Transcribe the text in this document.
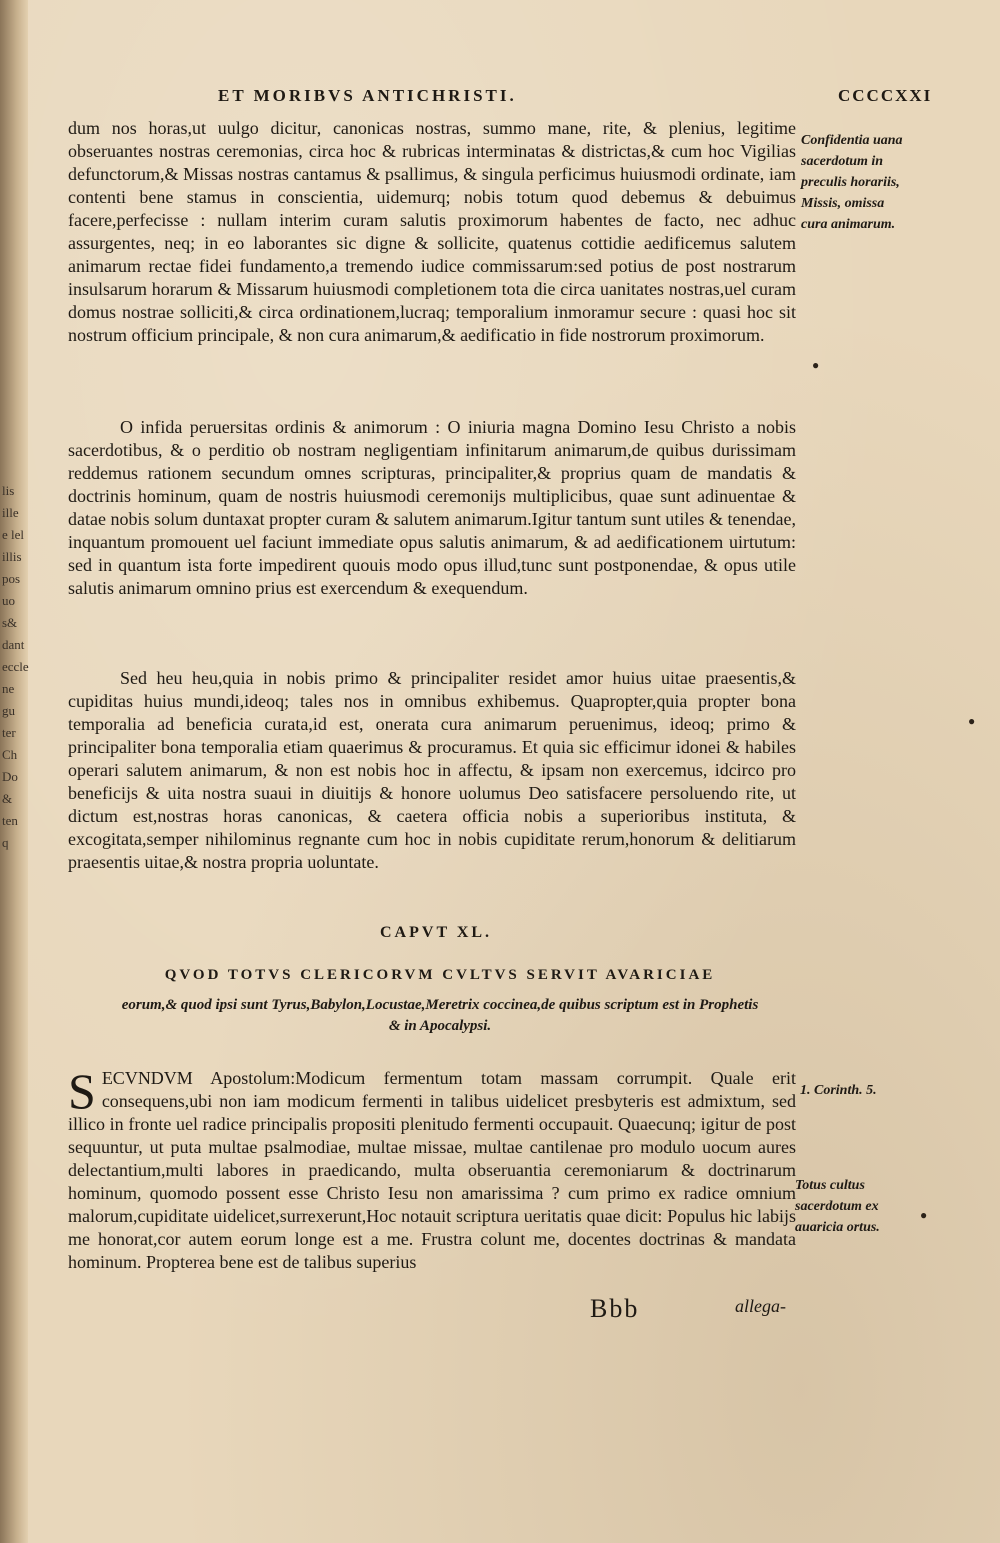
lis
ille
e lel
illis
pos
uo
s&
dant
eccle
ne
gu
ter
Ch
Do
&
ten
q
ET MORIBVS ANTICHRISTI.	CCCCXXI

dum nos horas,ut uulgo dicitur, canonicas nostras, summo mane, rite, & plenius, legitime obseruantes nostras ceremonias, circa hoc & rubricas interminatas & districtas,& cum hoc Vigilias defunctorum,& Missas nostras cantamus & psallimus, & singula perficimus huiusmodi ordinate, iam contenti bene stamus in conscientia, uidemurq; nobis totum quod debemus & debuimus facere,perfecisse : nullam interim curam salutis proximorum habentes de facto, nec adhuc assurgentes, neq; in eo laborantes sic digne & sollicite, quatenus cottidie aedificemus salutem animarum rectae fidei fundamento,a tremendo iudice commissarum:sed potius de post nostrarum insulsarum horarum & Missarum huiusmodi completionem tota die circa uanitates nostras,uel curam domus nostrae solliciti,& circa ordinationem,lucraq; temporalium inmoramur secure : quasi hoc sit nostrum officium principale, & non cura animarum,& aedificatio in fide nostrorum proximorum.

O infida peruersitas ordinis & animorum : O iniuria magna Domino Iesu Christo a nobis sacerdotibus, & o perditio ob nostram negligentiam infinitarum animarum,de quibus durissimam reddemus rationem secundum omnes scripturas, principaliter,& proprius quam de mandatis & doctrinis hominum, quam de nostris huiusmodi ceremonijs multiplicibus, quae sunt adinuentae & datae nobis solum duntaxat propter curam & salutem animarum.Igitur tantum sunt utiles & tenendae, inquantum promouent uel faciunt immediate opus salutis animarum, & ad aedificationem uirtutum: sed in quantum ista forte impedirent quouis modo opus illud,tunc sunt postponendae, & opus utile salutis animarum omnino prius est exercendum & exequendum.

Sed heu heu,quia in nobis primo & principaliter residet amor huius uitae praesentis,& cupiditas huius mundi,ideoq; tales nos in omnibus exhibemus. Quapropter,quia propter bona temporalia ad beneficia curata,id est, onerata cura animarum peruenimus, ideoq; primo & principaliter bona temporalia etiam quaerimus & procuramus. Et quia sic efficimur idonei & habiles operari salutem animarum, & non est nobis hoc in affectu, & ipsam non exercemus, idcirco pro beneficijs & uita nostra suaui in diuitijs & honore uolumus Deo satisfacere persoluendo rite, ut dictum est,nostras horas canonicas, & caetera officia nobis a superioribus instituta, & excogitata,semper nihilominus regnante cum hoc in nobis cupiditate rerum,honorum & delitiarum praesentis uitae,& nostra propria uoluntate.

CAPVT XL.
QVOD TOTVS CLERICORVM CVLTVS SERVIT AVARICIAE
eorum,& quod ipsi sunt Tyrus,Babylon,Locustae,Meretrix coccinea,de quibus scriptum est in Prophetis & in Apocalypsi.
S ECVNDVM Apostolum:Modicum fermentum totam massam corrumpit. Quale erit consequens,ubi non iam modicum fermenti in talibus uidelicet presbyteris est admixtum, sed illico in fronte uel radice principalis propositi plenitudo fermenti occupauit. Quaecunq; igitur de post sequuntur, ut puta multae psalmodiae, multae missae, multae cantilenae pro modulo uocum aures delectantium,multi labores in praedicando, multa obseruantia ceremoniarum & doctrinarum hominum, quomodo possent esse Christo Iesu non amarissima ? cum primo ex radice omnium malorum,cupiditate uidelicet,surrexerunt,Hoc notauit scriptura ueritatis quae dicit: Populus hic labijs me honorat,cor autem eorum longe est a me. Frustra colunt me, docentes doctrinas & mandata hominum. Propterea bene est de talibus superius

Confidentia uana sacerdotum in preculis horariis, Missis, omissa cura animarum.
1. Corinth. 5.
Totus cultus sacerdotum ex auaricia ortus.
Bbb	allega-
●
●
●
